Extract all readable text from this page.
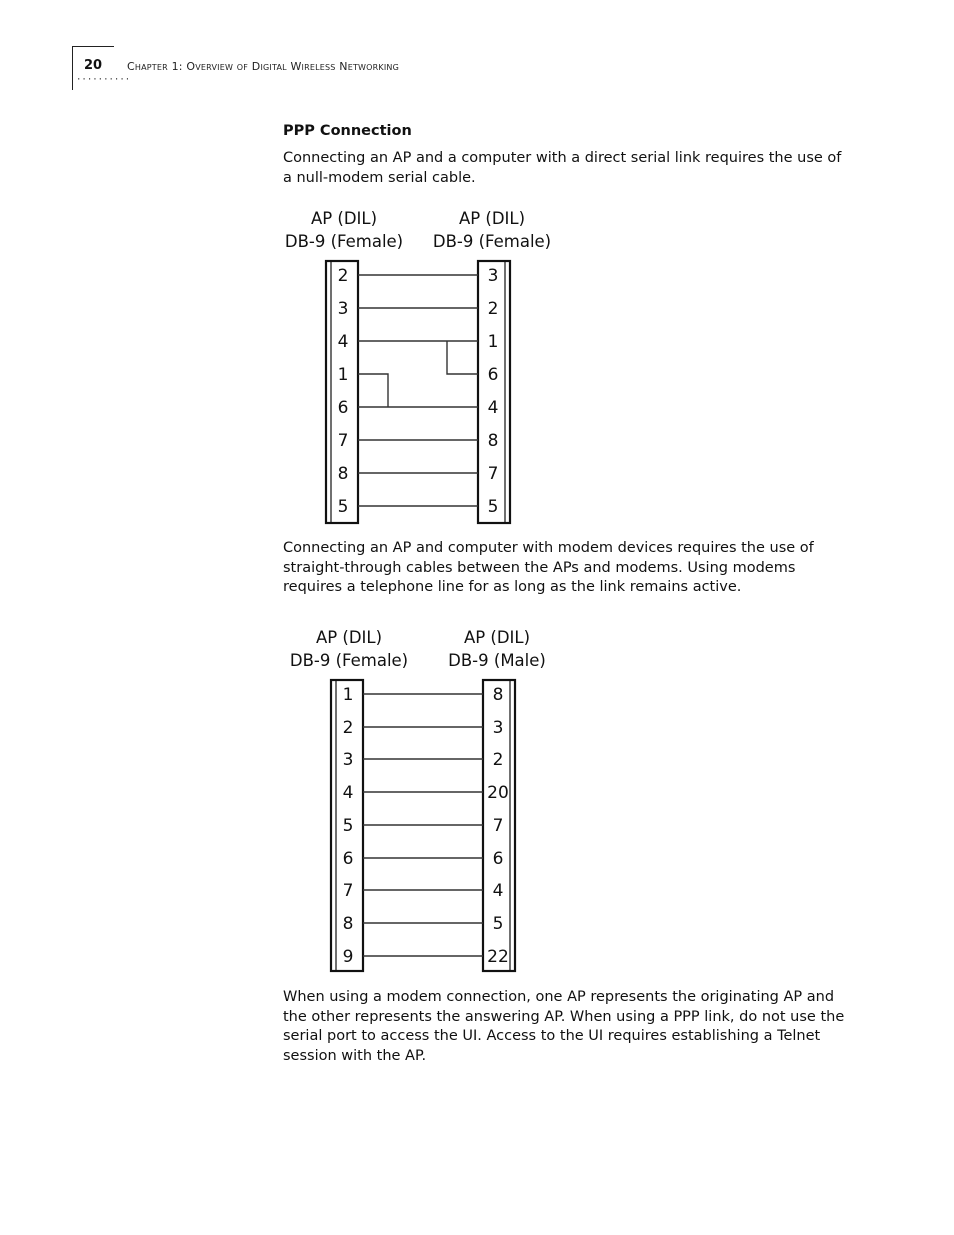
20
··········
Chapter 1: Overview of Digital Wireless Networking
PPP Connection
Connecting an AP and a computer with a direct serial link requires the use of a null-modem serial cable.
AP (DIL)
DB-9 (Female)
AP (DIL)
DB-9 (Female)
2
3
4
1
6
7
8
5
3
2
1
6
4
8
7
5
Connecting an AP and computer with modem devices requires the use of straight-through cables between the APs and modems. Using modems requires a telephone line for as long as the link remains active.
AP (DIL)
DB-9 (Female)
AP (DIL)
DB-9 (Male)
1
2
3
4
5
6
7
8
9
8
3
2
20
7
6
4
5
22
When using a modem connection, one AP represents the originating AP and the other represents the answering AP. When using a PPP link, do not use the serial port to access the UI. Access to the UI requires establishing a Telnet session with the AP.
